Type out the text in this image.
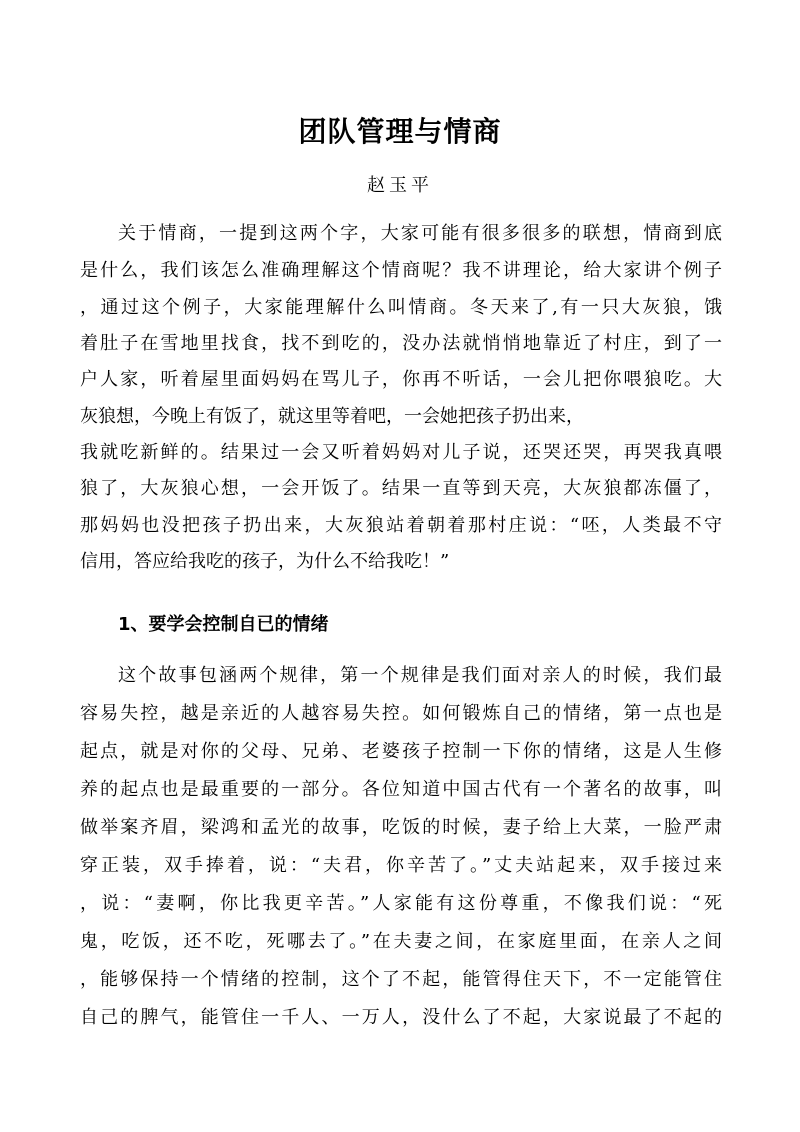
团队管理与情商
赵玉平
关于情商，一提到这两个字，大家可能有很多很多的联想，情商到底
是什么，我们该怎么准确理解这个情商呢？我不讲理论，给大家讲个例子
，通过这个例子，大家能理解什么叫情商。冬天来了,有一只大灰狼，饿
着肚子在雪地里找食，找不到吃的，没办法就悄悄地靠近了村庄，到了一
户人家，听着屋里面妈妈在骂儿子，你再不听话，一会儿把你喂狼吃。大
灰狼想，今晚上有饭了，就这里等着吧，一会她把孩子扔出来，
我就吃新鲜的。结果过一会又听着妈妈对儿子说，还哭还哭，再哭我真喂
狼了，大灰狼心想，一会开饭了。结果一直等到天亮，大灰狼都冻僵了，
那妈妈也没把孩子扔出来，大灰狼站着朝着那村庄说：“呸，人类最不守
信用，答应给我吃的孩子，为什么不给我吃！”
1、要学会控制自已的情绪
这个故事包涵两个规律，第一个规律是我们面对亲人的时候，我们最
容易失控，越是亲近的人越容易失控。如何锻炼自己的情绪，第一点也是
起点，就是对你的父母、兄弟、老婆孩子控制一下你的情绪，这是人生修
养的起点也是最重要的一部分。各位知道中国古代有一个著名的故事，叫
做举案齐眉，梁鸿和孟光的故事，吃饭的时候，妻子给上大菜，一脸严肃
穿正装，双手捧着，说：“夫君，你辛苦了。”丈夫站起来，双手接过来
，说：“妻啊，你比我更辛苦。”人家能有这份尊重，不像我们说：“死
鬼，吃饭，还不吃，死哪去了。”在夫妻之间，在家庭里面，在亲人之间
，能够保持一个情绪的控制，这个了不起，能管得住天下，不一定能管住
自己的脾气，能管住一千人、一万人，没什么了不起，大家说最了不起的
